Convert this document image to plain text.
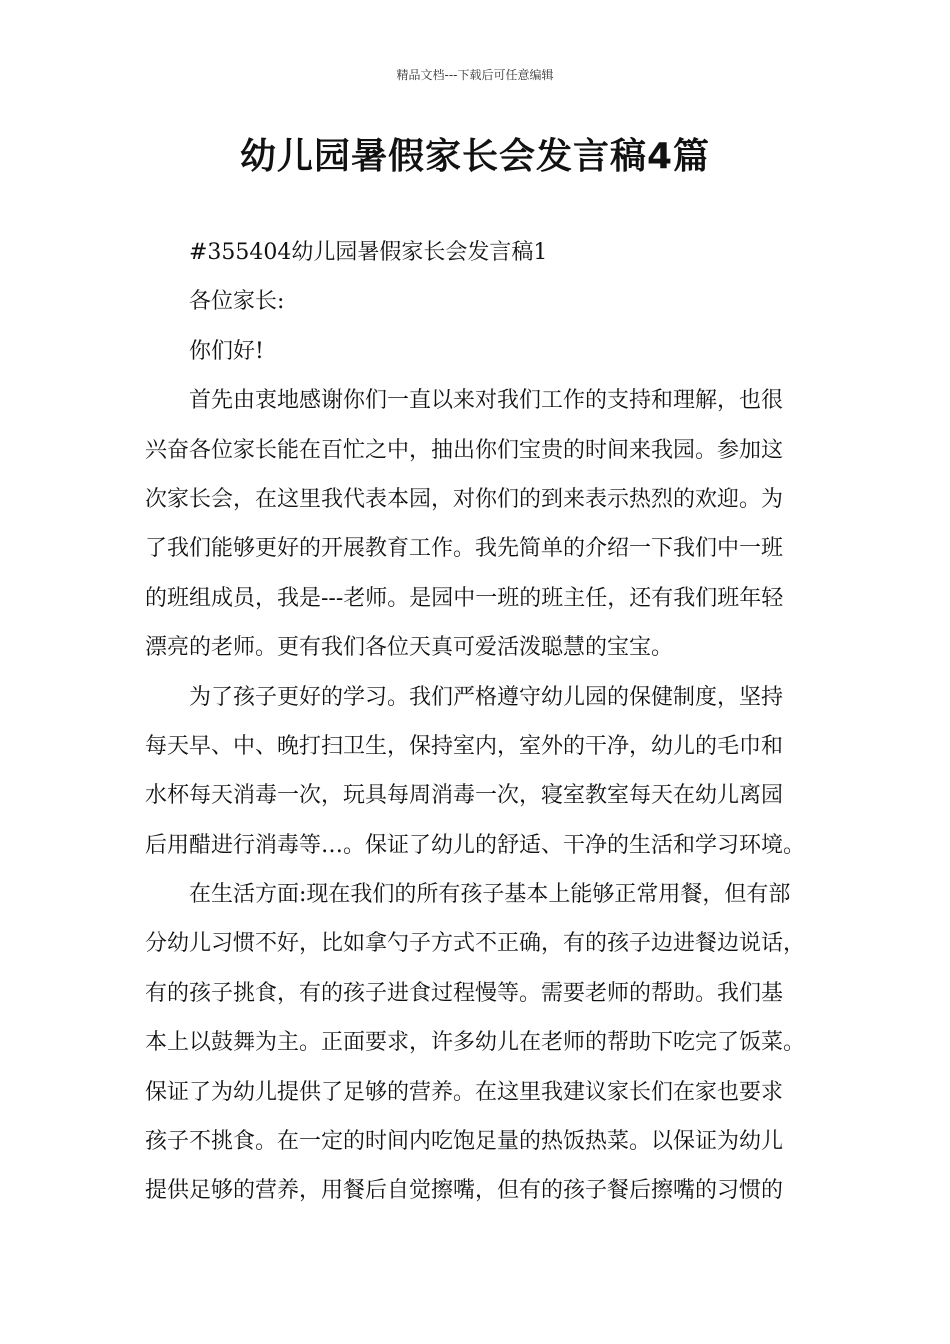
精品文档---下载后可任意编辑
幼儿园暑假家长会发言稿4篇
#355404幼儿园暑假家长会发言稿1
各位家长:
你们好!
首先由衷地感谢你们一直以来对我们工作的支持和理解，也很
兴奋各位家长能在百忙之中，抽出你们宝贵的时间来我园。参加这
次家长会，在这里我代表本园，对你们的到来表示热烈的欢迎。为
了我们能够更好的开展教育工作。我先简单的介绍一下我们中一班
的班组成员，我是---老师。是园中一班的班主任，还有我们班年轻
漂亮的老师。更有我们各位天真可爱活泼聪慧的宝宝。
为了孩子更好的学习。我们严格遵守幼儿园的保健制度，坚持
每天早、中、晚打扫卫生，保持室内，室外的干净，幼儿的毛巾和
水杯每天消毒一次，玩具每周消毒一次，寝室教室每天在幼儿离园
后用醋进行消毒等…。保证了幼儿的舒适、干净的生活和学习环境。
在生活方面:现在我们的所有孩子基本上能够正常用餐，但有部
分幼儿习惯不好，比如拿勺子方式不正确，有的孩子边进餐边说话，
有的孩子挑食，有的孩子进食过程慢等。需要老师的帮助。我们基
本上以鼓舞为主。正面要求，许多幼儿在老师的帮助下吃完了饭菜。
保证了为幼儿提供了足够的营养。在这里我建议家长们在家也要求
孩子不挑食。在一定的时间内吃饱足量的热饭热菜。以保证为幼儿
提供足够的营养，用餐后自觉擦嘴，但有的孩子餐后擦嘴的习惯的
